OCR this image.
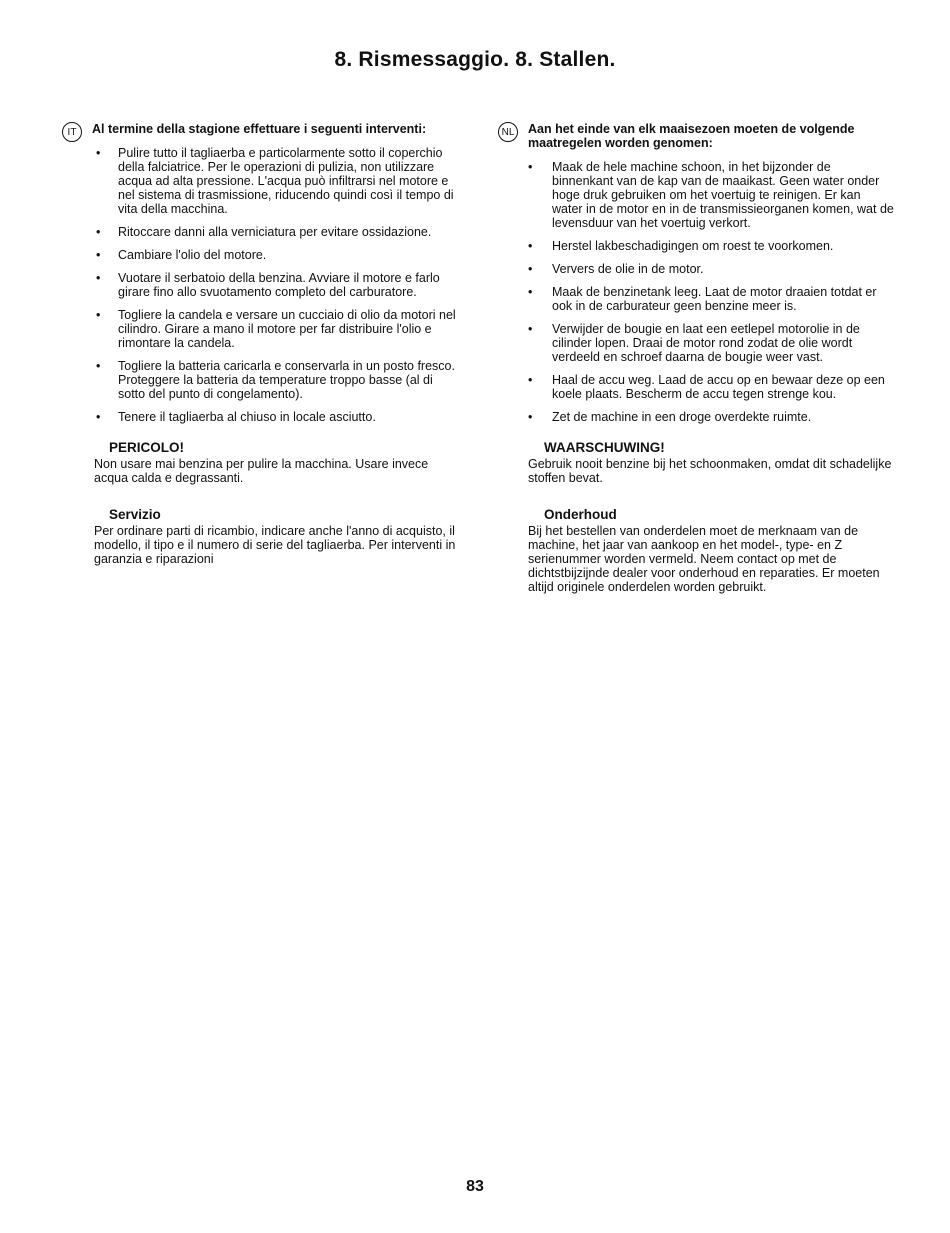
8. Rismessaggio. 8. Stallen.
IT	Al termine della stagione effettuare i seguenti interventi:
• Pulire tutto il tagliaerba e particolarmente sotto il coperchio della falciatrice. Per le operazioni di pulizia, non utilizzare acqua ad alta pressione. L'acqua può infiltrarsi nel motore e nel sistema di trasmissione, riducendo quindi così il tempo di vita della macchina.
• Ritoccare danni alla verniciatura per evitare ossidazione.
• Cambiare l'olio del motore.
• Vuotare il serbatoio della benzina. Avviare il motore e farlo girare fino allo svuotamento completo del carburatore.
• Togliere la candela e versare un cucciaio di olio da motori nel cilindro. Girare a mano il motore per far distribuire l'olio e rimontare la candela.
• Togliere la batteria caricarla e conservarla in un posto fresco. Proteggere la batteria da temperature troppo basse (al di sotto del punto di congelamento).
• Tenere il tagliaerba al chiuso in locale asciutto.
PERICOLO!
Non usare mai benzina per pulire la macchina. Usare invece acqua calda e degrassanti.
Servizio
Per ordinare parti di ricambio, indicare anche l'anno di acquisto, il modello, il tipo e il numero di serie del tagliaerba. Per interventi in garanzia e riparazioni
NL Aan het einde van elk maaisezoen moeten de volgende maatregelen worden genomen:
• Maak de hele machine schoon, in het bijzonder de binnenkant van de kap van de maaikast. Geen water onder hoge druk gebruiken om het voertuig te reinigen. Er kan water in de motor en in de transmissieorganen komen, wat de levensduur van het voertuig verkort.
• Herstel lakbeschadigingen om roest te voorkomen.
• Ververs de olie in de motor.
• Maak de benzinetank leeg. Laat de motor draaien totdat er ook in de carburateur geen benzine meer is.
• Verwijder de bougie en laat een eetlepel motorolie in de cilinder lopen. Draai de motor rond zodat de olie wordt verdeeld en schroef daarna de bougie weer vast.
• Haal de accu weg. Laad de accu op en bewaar deze op een koele plaats. Bescherm de accu tegen strenge kou.
• Zet de machine in een droge overdekte ruimte.
WAARSCHUWING!
Gebruik nooit benzine bij het schoonmaken, omdat dit schadelijke stoffen bevat.
Onderhoud
Bij het bestellen van onderdelen moet de merknaam van de machine, het jaar van aankoop en het model-, type- en Z serienummer worden vermeld. Neem contact op met de dichtstbijzijnde dealer voor onderhoud en reparaties. Er moeten altijd originele onderdelen worden gebruikt.
83
